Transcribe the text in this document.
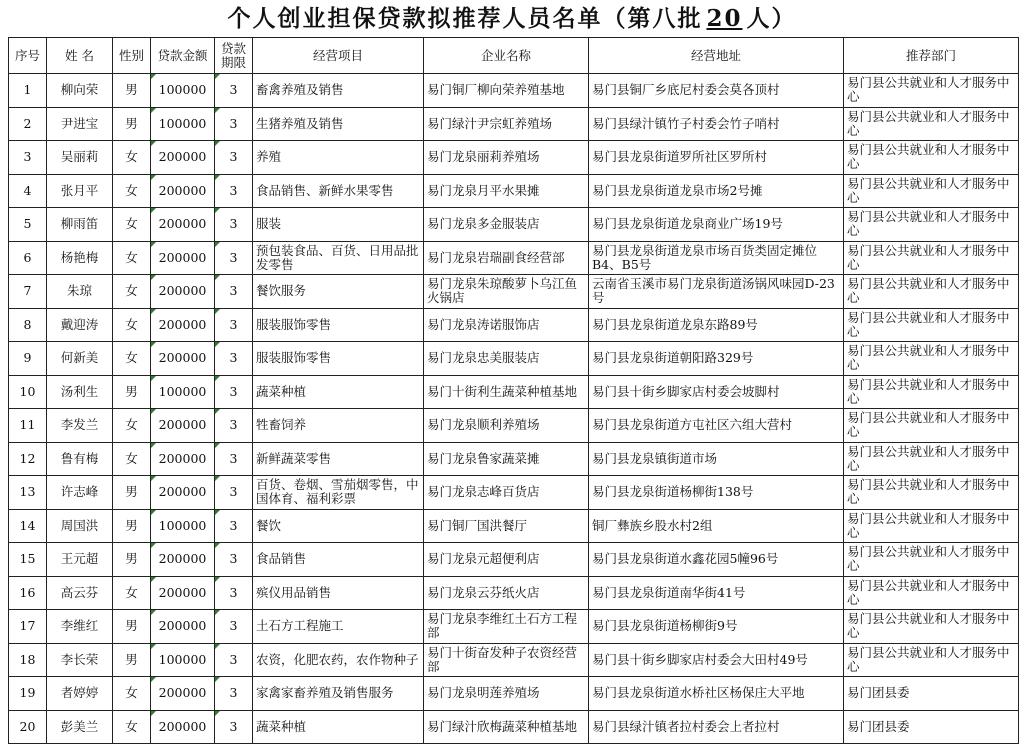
个人创业担保贷款拟推荐人员名单（第八批 20 人）
序号	姓 名	性别	贷款金额	贷款期限	经营项目	企业名称	经营地址	推荐部门
1	柳向荣	男	100000	3	畜禽养殖及销售	易门铜厂柳向荣养殖基地	易门县铜厂乡底尼村委会莫各顶村	易门县公共就业和人才服务中心
2	尹进宝	男	100000	3	生猪养殖及销售	易门绿汁尹宗虹养殖场	易门县绿汁镇竹子村委会竹子哨村	易门县公共就业和人才服务中心
3	吴丽莉	女	200000	3	养殖	易门龙泉丽莉养殖场	易门县龙泉街道罗所社区罗所村	易门县公共就业和人才服务中心
4	张月平	女	200000	3	食品销售、新鲜水果零售	易门龙泉月平水果摊	易门县龙泉街道龙泉市场2号摊	易门县公共就业和人才服务中心
5	柳雨笛	女	200000	3	服装	易门龙泉多金服装店	易门县龙泉街道龙泉商业广场19号	易门县公共就业和人才服务中心
6	杨艳梅	女	200000	3	预包装食品、百货、日用品批发零售	易门龙泉岩瑞副食经营部	易门县龙泉街道龙泉市场百货类固定摊位B4、B5号	易门县公共就业和人才服务中心
7	朱琼	女	200000	3	餐饮服务	易门龙泉朱琼酸萝卜乌江鱼火锅店	云南省玉溪市易门龙泉街道汤锅风味园D-23号	易门县公共就业和人才服务中心
8	戴迎涛	女	200000	3	服装服饰零售	易门龙泉涛诺服饰店	易门县龙泉街道龙泉东路89号	易门县公共就业和人才服务中心
9	何新美	女	200000	3	服装服饰零售	易门龙泉忠美服装店	易门县龙泉街道朝阳路329号	易门县公共就业和人才服务中心
10	汤利生	男	100000	3	蔬菜种植	易门十街利生蔬菜种植基地	易门县十街乡脚家店村委会坡脚村	易门县公共就业和人才服务中心
11	李发兰	女	200000	3	牲畜饲养	易门龙泉顺利养殖场	易门县龙泉街道方屯社区六组大营村	易门县公共就业和人才服务中心
12	鲁有梅	女	200000	3	新鲜蔬菜零售	易门龙泉鲁家蔬菜摊	易门县龙泉镇街道市场	易门县公共就业和人才服务中心
13	许志峰	男	200000	3	百货、卷烟、雪茄烟零售，中国体育、福利彩票	易门龙泉志峰百货店	易门县龙泉街道杨柳街138号	易门县公共就业和人才服务中心
14	周国洪	男	100000	3	餐饮	易门铜厂国洪餐厅	铜厂彝族乡股水村2组	易门县公共就业和人才服务中心
15	王元超	男	200000	3	食品销售	易门龙泉元超便利店	易门县龙泉街道水鑫花园5幢96号	易门县公共就业和人才服务中心
16	高云芬	女	200000	3	殡仪用品销售	易门龙泉云芬纸火店	易门县龙泉街道南华街41号	易门县公共就业和人才服务中心
17	李维红	男	200000	3	土石方工程施工	易门龙泉李维红土石方工程部	易门县龙泉街道杨柳街9号	易门县公共就业和人才服务中心
18	李长荣	男	100000	3	农资，化肥农药，农作物种子	易门十街奋发种子农资经营部	易门县十街乡脚家店村委会大田村49号	易门县公共就业和人才服务中心
19	者婷婷	女	200000	3	家禽家畜养殖及销售服务	易门龙泉明莲养殖场	易门县龙泉街道水桥社区杨保庄大平地	易门团县委
20	彭美兰	女	200000	3	蔬菜种植	易门绿汁欣梅蔬菜种植基地	易门县绿汁镇者拉村委会上者拉村	易门团县委
